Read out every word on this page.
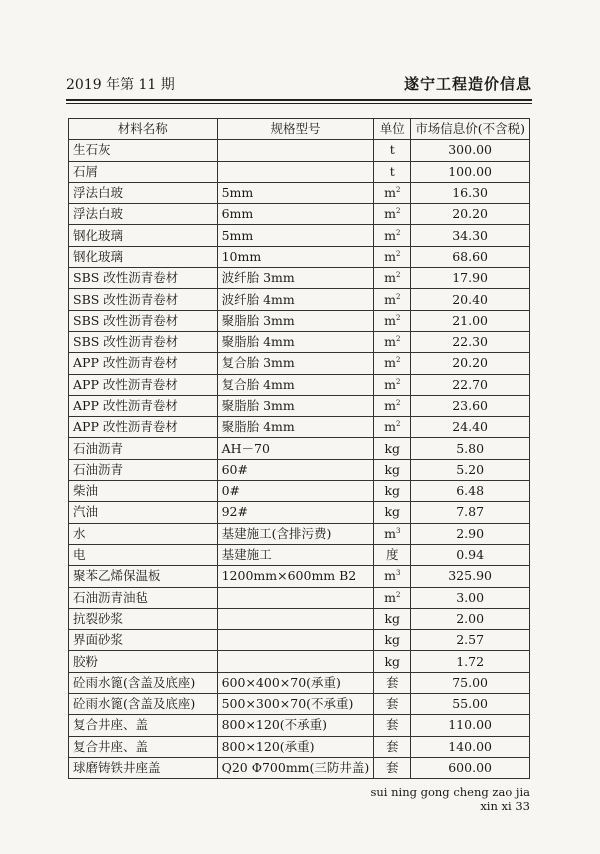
2019 年第 11 期	遂宁工程造价信息
材料名称	规格型号	单位	市场信息价(不含税)
生石灰		t	300.00
石屑		t	100.00
浮法白玻	5mm	$m^2$	16.30
浮法白玻	6mm	$m^2$	20.20
钢化玻璃	5mm	$m^2$	34.30
钢化玻璃	10mm	$m^2$	68.60
SBS 改性沥青卷材	波纤胎 3mm	$m^2$	17.90
SBS 改性沥青卷材	波纤胎 4mm	$m^2$	20.40
SBS 改性沥青卷材	聚脂胎 3mm	$m^2$	21.00
SBS 改性沥青卷材	聚脂胎 4mm	$m^2$	22.30
APP 改性沥青卷材	复合胎 3mm	$m^2$	20.20
APP 改性沥青卷材	复合胎 4mm	$m^2$	22.70
APP 改性沥青卷材	聚脂胎 3mm	$m^2$	23.60
APP 改性沥青卷材	聚脂胎 4mm	$m^2$	24.40
石油沥青	AH－70	kg	5.80
石油沥青	60#	kg	5.20
柴油	0#	kg	6.48
汽油	92#	kg	7.87
水	基建施工(含排污费)	$m^3$	2.90
电	基建施工	度	0.94
聚苯乙烯保温板	1200mm×600mm B2	$m^3$	325.90
石油沥青油毡		$m^2$	3.00
抗裂砂浆		kg	2.00
界面砂浆		kg	2.57
胶粉		kg	1.72
砼雨水篦(含盖及底座)	600×400×70(承重)	套	75.00
砼雨水篦(含盖及底座)	500×300×70(不承重)	套	55.00
复合井座、盖	800×120(不承重)	套	110.00
复合井座、盖	800×120(承重)	套	140.00
球磨铸铁井座盖	Q20 Φ700mm(三防井盖)	套	600.00
sui ning gong cheng zao jia xin xi 33
